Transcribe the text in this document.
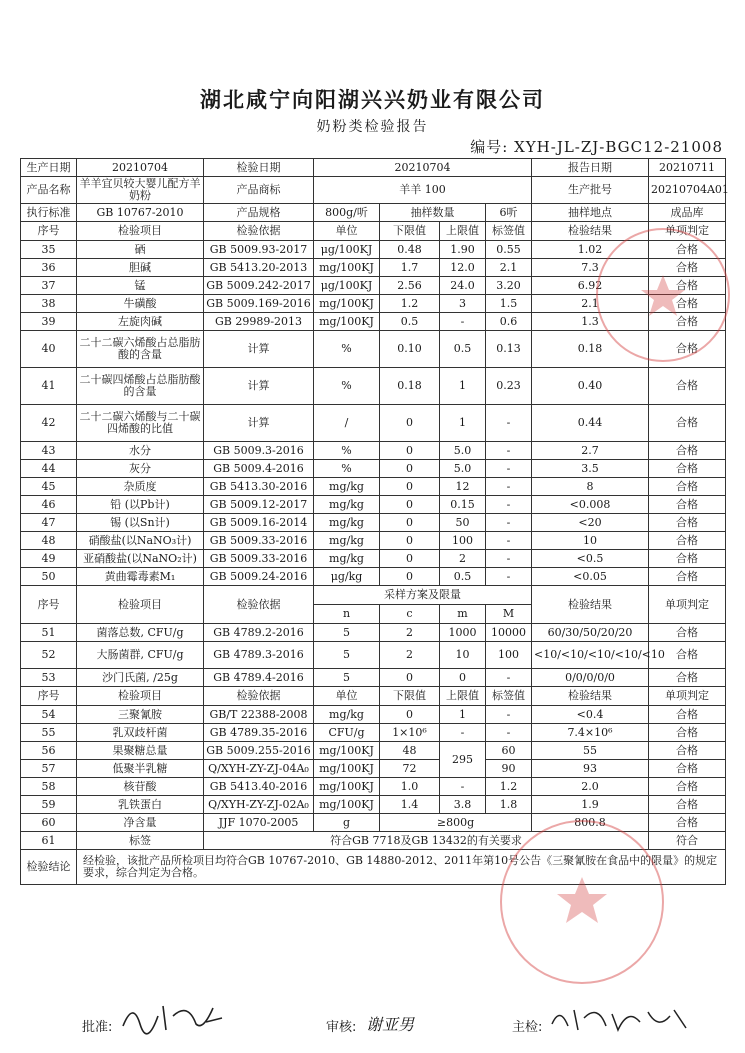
湖北咸宁向阳湖兴兴奶业有限公司
奶粉类检验报告
编号: XYH-JL-ZJ-BGC12-21008
生产日期	20210704	检验日期	20210704				报告日期	20210711
产品名称	羊羊宜贝较大婴儿配方羊奶粉	产品商标	羊羊 100				生产批号	20210704A01
执行标准	GB 10767-2010	产品规格	800g/听	抽样数量		6听	抽样地点	成品库
序号	检验项目	检验依据	单位	下限值	上限值	标签值	检验结果	单项判定
35	硒	GB 5009.93-2017	μg/100KJ	0.48	1.90	0.55	1.02	合格
36	胆碱	GB 5413.20-2013	mg/100KJ	1.7	12.0	2.1	7.3	合格
37	锰	GB 5009.242-2017	μg/100KJ	2.56	24.0	3.20	6.92	合格
38	牛磺酸	GB 5009.169-2016	mg/100KJ	1.2	3	1.5	2.1	合格
39	左旋肉碱	GB 29989-2013	mg/100KJ	0.5	-	0.6	1.3	合格
40	二十二碳六烯酸占总脂肪酸的含量	计算	%	0.10	0.5	0.13	0.18	合格
41	二十碳四烯酸占总脂肪酸的含量	计算	%	0.18	1	0.23	0.40	合格
42	二十二碳六烯酸与二十碳四烯酸的比值	计算	/	0	1	-	0.44	合格
43	水分	GB 5009.3-2016	%	0	5.0	-	2.7	合格
44	灰分	GB 5009.4-2016	%	0	5.0	-	3.5	合格
45	杂质度	GB 5413.30-2016	mg/kg	0	12	-	8	合格
46	铅 (以Pb计)	GB 5009.12-2017	mg/kg	0	0.15	-	<0.008	合格
47	锡 (以Sn计)	GB 5009.16-2014	mg/kg	0	50	-	<20	合格
48	硝酸盐(以NaNO₃计)	GB 5009.33-2016	mg/kg	0	100	-	10	合格
49	亚硝酸盐(以NaNO₂计)	GB 5009.33-2016	mg/kg	0	2	-	<0.5	合格
50	黄曲霉毒素M₁	GB 5009.24-2016	μg/kg	0	0.5	-	<0.05	合格
序号	检验项目	检验依据	采样方案及限量				检验结果	单项判定
			n	c	m	M		
51	菌落总数, CFU/g	GB 4789.2-2016	5	2	1000	10000	60/30/50/20/20	合格
52	大肠菌群, CFU/g	GB 4789.3-2016	5	2	10	100	<10/<10/<10/<10/<10	合格
53	沙门氏菌, /25g	GB 4789.4-2016	5	0	0	-	0/0/0/0/0	合格
序号	检验项目	检验依据	单位	下限值	上限值	标签值	检验结果	单项判定
54	三聚氰胺	GB/T 22388-2008	mg/kg	0	1	-	<0.4	合格
55	乳双歧杆菌	GB 4789.35-2016	CFU/g	1×10⁶	-	-	7.4×10⁶	合格
56	果聚糖总量	GB 5009.255-2016	mg/100KJ	48	295	60	55	合格
57	低聚半乳糖	Q/XYH-ZY-ZJ-04A₀	mg/100KJ	72		90	93	合格
58	核苷酸	GB 5413.40-2016	mg/100KJ	1.0	-	1.2	2.0	合格
59	乳铁蛋白	Q/XYH-ZY-ZJ-02A₀	mg/100KJ	1.4	3.8	1.8	1.9	合格
60	净含量	JJF 1070-2005	g	≥800g			800.8	合格
61	标签	符合GB 7718及GB 13432的有关要求						符合
检验结论	经检验，该批产品所检项目均符合GB 10767-2010、GB 14880-2012、2011年第10号公告《三聚氰胺在食品中的限量》的规定要求，综合判定为合格。							
批准:	审核: 谢亚男	主检:
